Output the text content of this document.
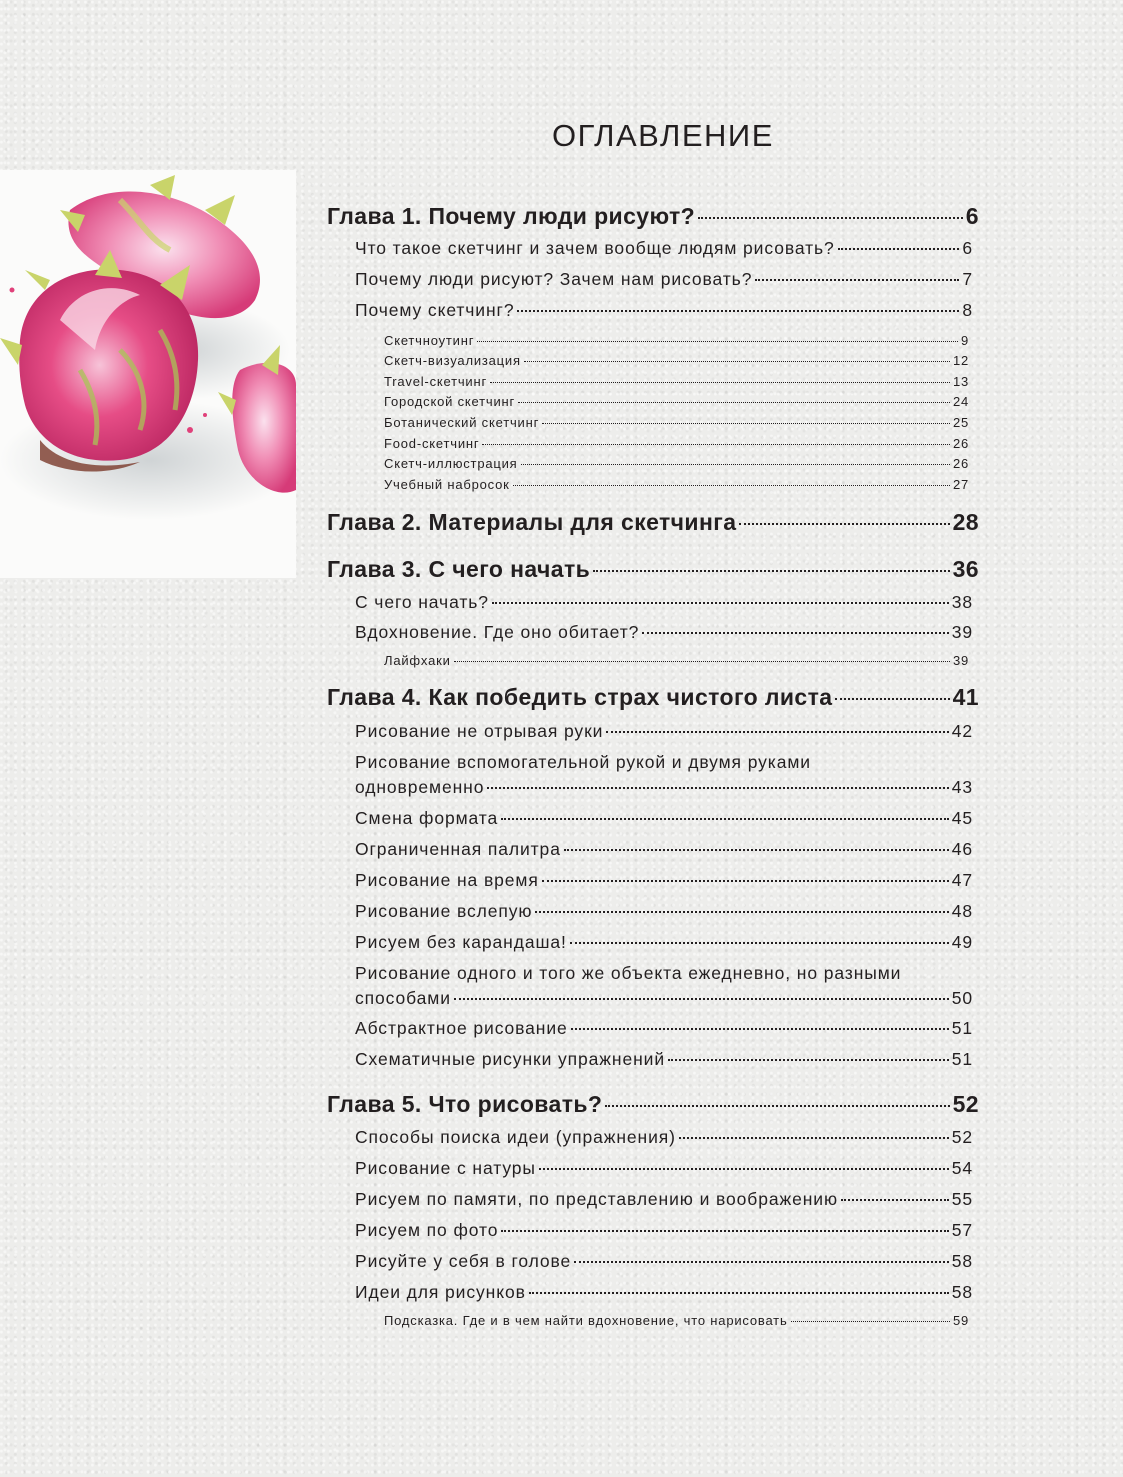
ОГЛАВЛЕНИЕ
Глава 1. Почему люди рисуют?	6
Что такое скетчинг и зачем вообще людям рисовать?	6
Почему люди рисуют? Зачем нам рисовать?	7
Почему скетчинг?	8
Скетчноутинг	9
Скетч-визуализация	12
Travel-скетчинг	13
Городской скетчинг	24
Ботанический скетчинг	25
Food-скетчинг	26
Скетч-иллюстрация	26
Учебный набросок	27
Глава 2. Материалы для скетчинга	28
Глава 3. С чего начать	36
С чего начать?	38
Вдохновение. Где оно обитает?	39
Лайфхаки	39
Глава 4. Как победить страх чистого листа	41
Рисование не отрывая руки	42
Рисование вспомогательной рукой и двумя руками
одновременно	43
Смена формата	45
Ограниченная палитра	46
Рисование на время	47
Рисование вслепую	48
Рисуем без карандаша!	49
Рисование одного и того же объекта ежедневно, но разными
способами	50
Абстрактное рисование	51
Схематичные рисунки упражнений	51
Глава 5. Что рисовать?	52
Способы поиска идеи (упражнения)	52
Рисование с натуры	54
Рисуем по памяти, по представлению и воображению	55
Рисуем по фото	57
Рисуйте у себя в голове	58
Идеи для рисунков	58
Подсказка. Где и в чем найти вдохновение, что нарисовать	59
